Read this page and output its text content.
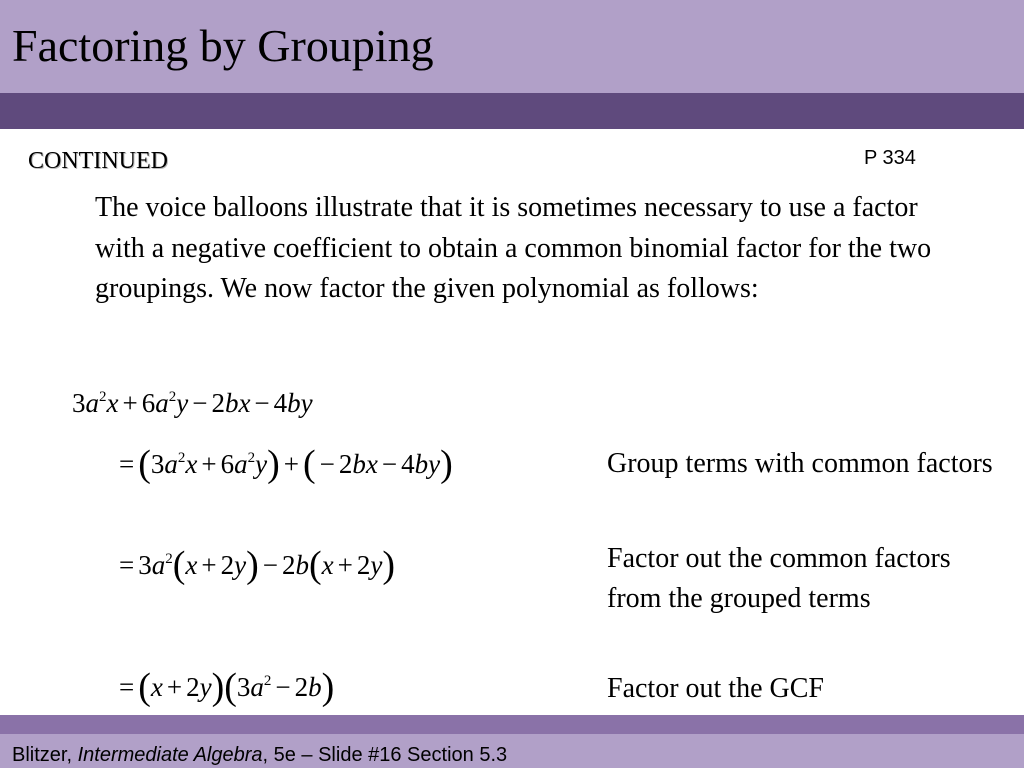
Factoring by Grouping
CONTINUED	P 334
The voice balloons illustrate that it is sometimes necessary to use a factor with a negative coefficient to obtain a common binomial factor for the two groupings. We now factor the given polynomial as follows:
$3a^2x + 6a^2y - 2bx - 4by$
= $(3a^2x + 6a^2y)$ + ( − 2bx − 4by)	Group terms with common factors
= $3a^2(x + 2y) - 2b(x + 2y)$	Factor out the common factors from the grouped terms
= $(x + 2y)(3a^2 - 2b)$	Factor out the GCF
Blitzer, Intermediate Algebra, 5e – Slide #16 Section 5.3
